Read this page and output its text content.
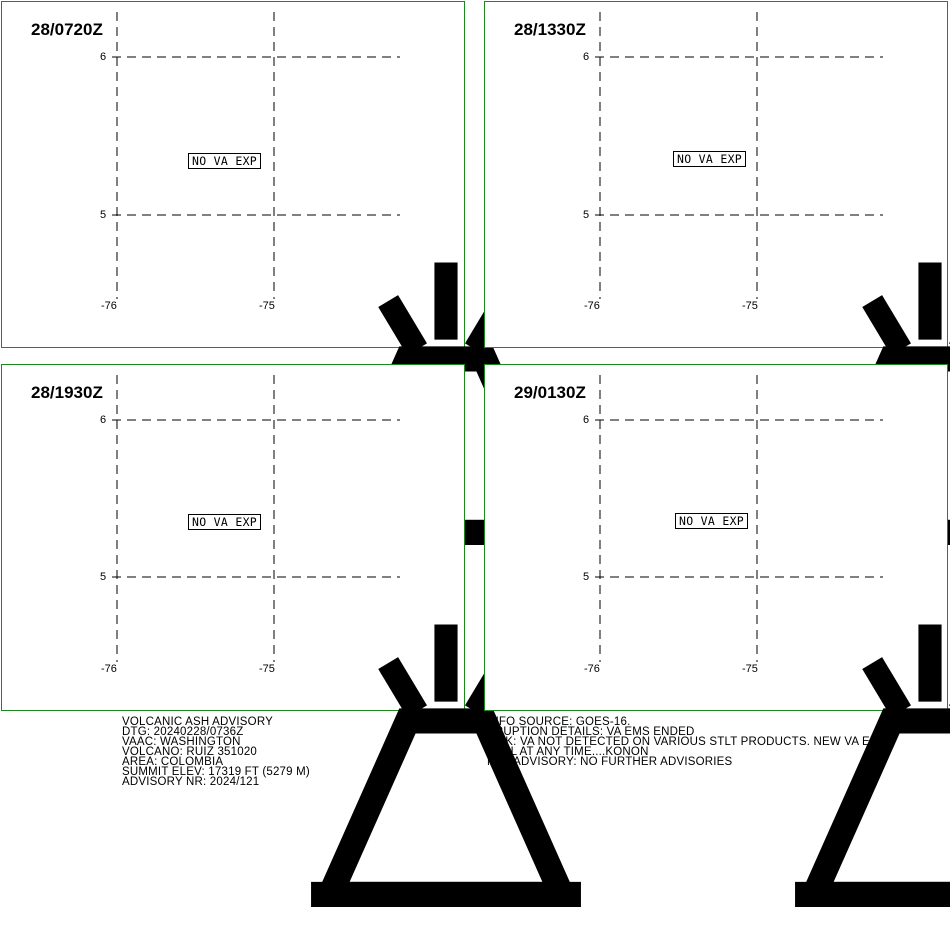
28/0720Z
6
5
-76	-75
NO VA EXP
28/1330Z
6
5
-76	-75
NO VA EXP
28/1930Z
6
5
-76	-75
NO VA EXP
29/0130Z
6
5
-76	-75
NO VA EXP
VOLCANIC ASH ADVISORY
DTG: 20240228/0736Z
VAAC: WASHINGTON
VOLCANO: RUIZ 351020
AREA: COLOMBIA
SUMMIT ELEV: 17319 FT (5279 M)
ADVISORY NR: 2024/121
INFO SOURCE: GOES-16.
ERUPTION DETAILS: VA EMS ENDED
RMK: VA NOT DETECTED ON VARIOUS STLT PRODUCTS. NEW VA EMS
PSBL AT ANY TIME....KONON
NXT ADVISORY: NO FURTHER ADVISORIES
